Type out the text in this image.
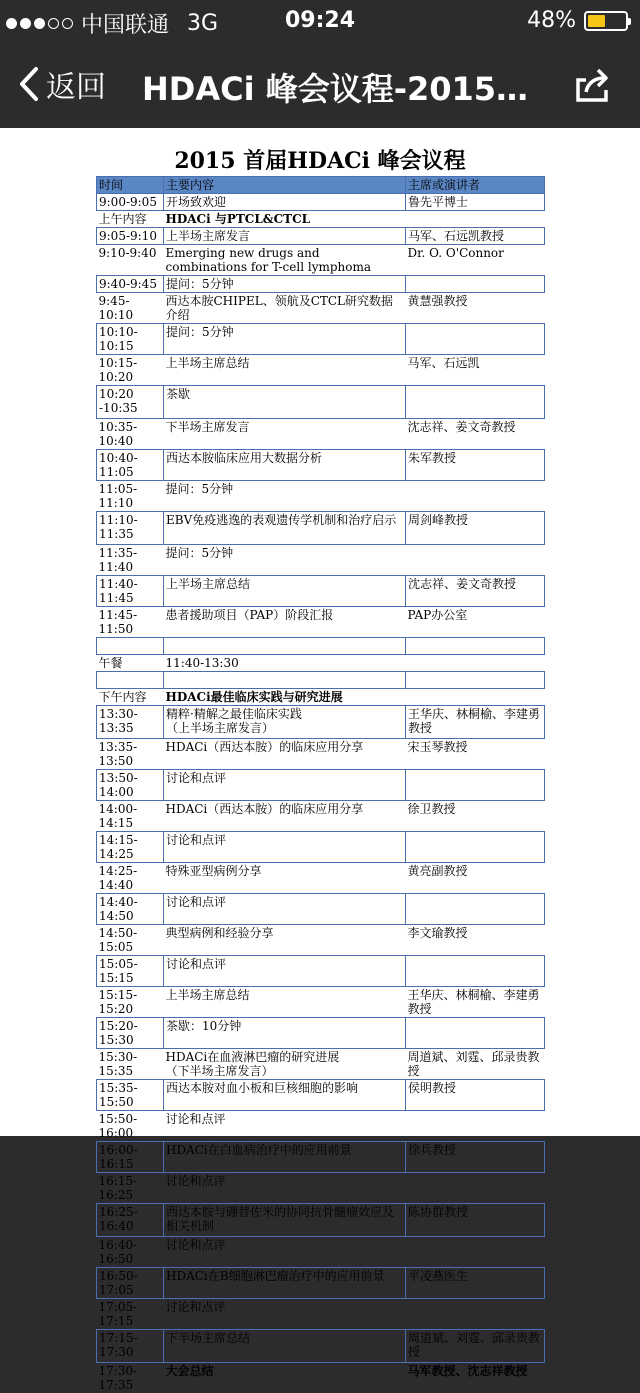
中国联通 3G	09:24	48%
返回 HDACi 峰会议程-2015…
2015 首届HDACi 峰会议程
时间	主要内容	主席或演讲者
9:00-9:05	开场致欢迎	鲁先平博士
上午内容	HDACi 与PTCL&CTCL	
9:05-9:10	上半场主席发言	马军、石远凯教授
9:10-9:40	Emerging new drugs and combinations for T-cell lymphoma	Dr. O. O'Connor
9:40-9:45	提问：5分钟	
9:45-10:10	西达本胺CHIPEL、领航及CTCL研究数据介绍	黄慧强教授
10:10-10:15	提问：5分钟	
10:15-10:20	上半场主席总结	马军、石远凯
10:20 -10:35	茶歇	
10:35-10:40	下半场主席发言	沈志祥、姜文奇教授
10:40-11:05	西达本胺临床应用大数据分析	朱军教授
11:05-11:10	提问：5分钟	
11:10-11:35	EBV免疫逃逸的表观遗传学机制和治疗启示	周剑峰教授
11:35-11:40	提问：5分钟	
11:40-11:45	上半场主席总结	沈志祥、姜文奇教授
11:45-11:50	患者援助项目（PAP）阶段汇报	PAP办公室

午餐	11:40-13:30	

下午内容	HDACi最佳临床实践与研究进展	
13:30-13:35	精粹·精解之最佳临床实践
（上半场主席发言）	王华庆、林桐榆、李建勇教授
13:35-13:50	HDACi（西达本胺）的临床应用分享	宋玉琴教授
13:50-14:00	讨论和点评	
14:00-14:15	HDACi（西达本胺）的临床应用分享	徐卫教授
14:15-14:25	讨论和点评	
14:25-14:40	特殊亚型病例分享	黄亮副教授
14:40-14:50	讨论和点评	
14:50-15:05	典型病例和经验分享	李文瑜教授
15:05-15:15	讨论和点评	
15:15-15:20	上半场主席总结	王华庆、林桐榆、李建勇教授
15:20-15:30	茶歇：10分钟	
15:30-15:35	HDACi在血液淋巴瘤的研究进展
（下半场主席发言）	周道斌、刘霆、邱录贵教授
15:35-15:50	西达本胺对血小板和巨核细胞的影响	侯明教授
15:50-16:00	讨论和点评	
16:00-16:15	HDACi在白血病治疗中的应用前景	徐兵教授
16:15-16:25	讨论和点评	
16:25-16:40	西达本胺与硼替佐米的协同抗骨髓瘤效应及相关机制	陈协群教授
16:40-16:50	讨论和点评	
16:50-17:05	HDACi在B细胞淋巴瘤治疗中的应用前景	平凌燕医生
17:05-17:15	讨论和点评	
17:15-17:30	下半场主席总结	周道斌、刘霆、邱录贵教授
17:30-17:35	大会总结	马军教授、沈志祥教授
